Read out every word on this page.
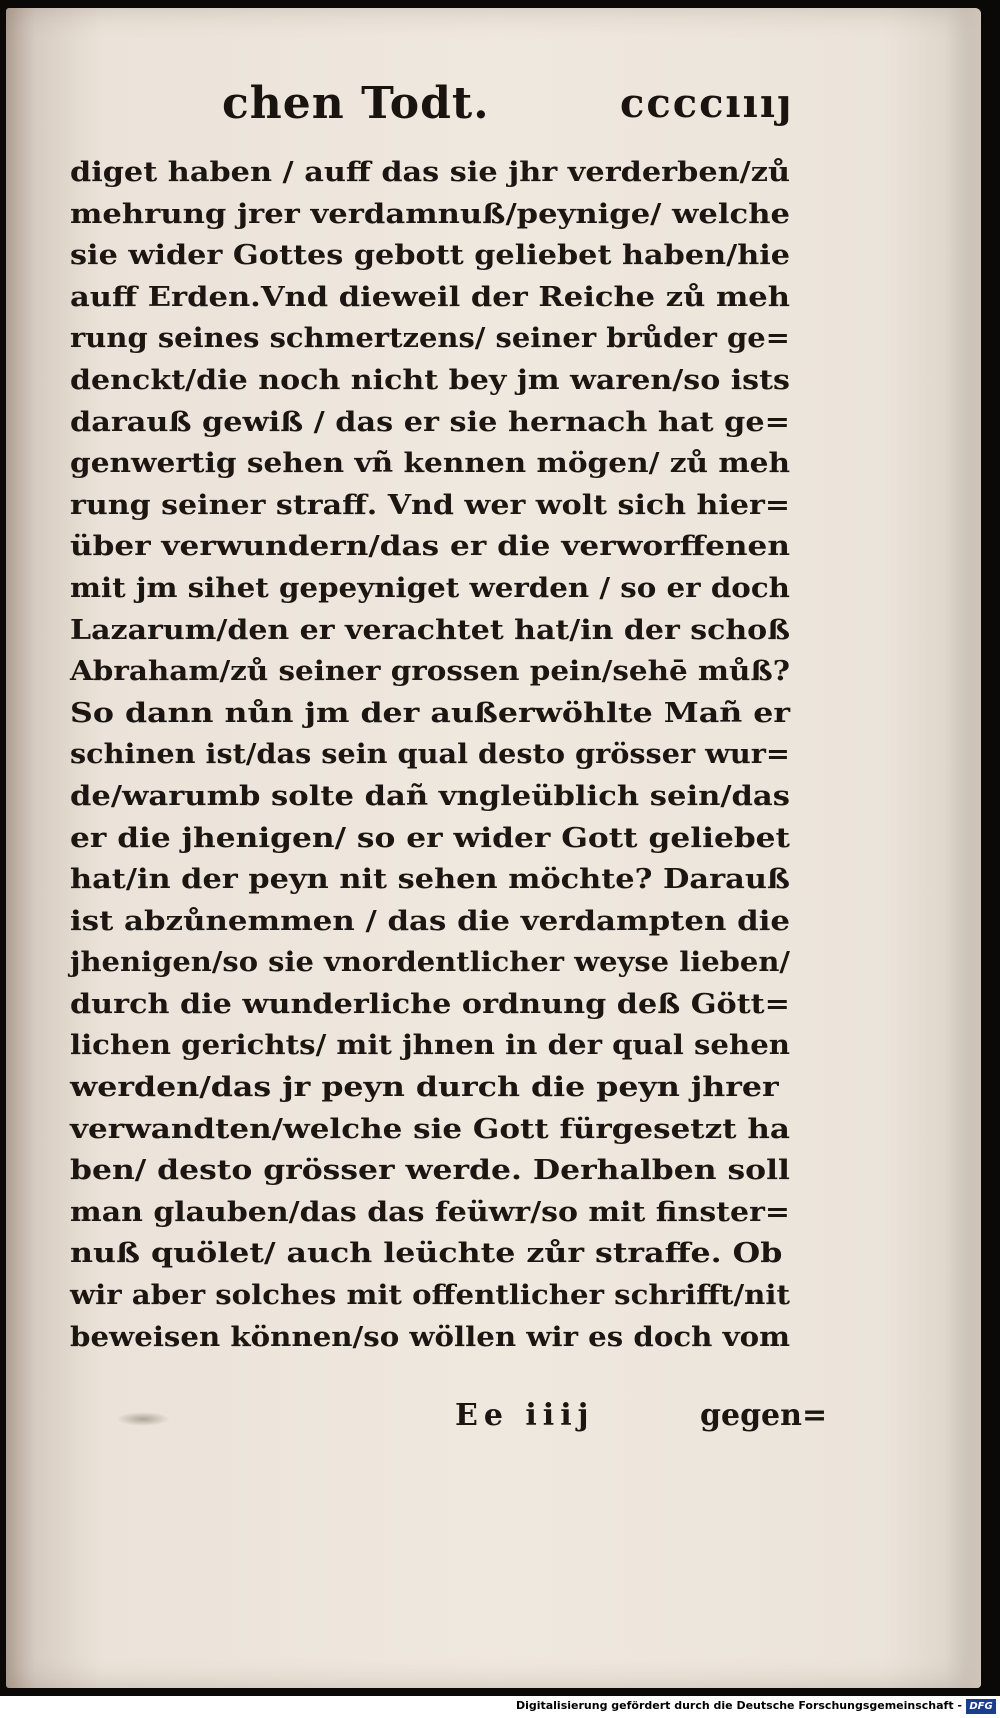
chen Todt.	ccccıııȷ
diget haben / auff das sie jhr verderben/zů
mehrung jrer verdamnuß/peynige/ welche
sie wider Gottes gebott geliebet haben/hie
auff Erden.Vnd dieweil der Reiche zů meh
rung seines schmertzens/ seiner brůder ge=
denckt/die noch nicht bey jm waren/so ists
darauß gewiß / das er sie hernach hat ge=
genwertig sehen vñ kennen mögen/ zů meh
rung seiner straff. Vnd wer wolt sich hier=
über verwundern/das er die verworffenen
mit jm sihet gepeyniget werden / so er doch
Lazarum/den er verachtet hat/in der schoß
Abraham/zů seiner grossen pein/sehē můß?
So dann nůn jm der außerwöhlte Mañ er
schinen ist/das sein qual desto grösser wur=
de/warumb solte dañ vngleüblich sein/das
er die jhenigen/ so er wider Gott geliebet
hat/in der peyn nit sehen möchte? Darauß
ist abzůnemmen / das die verdampten die
jhenigen/so sie vnordentlicher weyse lieben/
durch die wunderliche ordnung deß Gött=
lichen gerichts/ mit jhnen in der qual sehen
werden/das jr peyn durch die peyn jhrer
verwandten/welche sie Gott fürgesetzt ha
ben/ desto grösser werde. Derhalben soll
man glauben/das das feüwr/so mit finster=
nuß quölet/ auch leüchte zůr straffe. Ob
wir aber solches mit offentlicher schrifft/nit
beweisen können/so wöllen wir es doch vom
Ee iiij	gegen=
Digitalisierung gefördert durch die Deutsche Forschungsgemeinschaft - DFG
